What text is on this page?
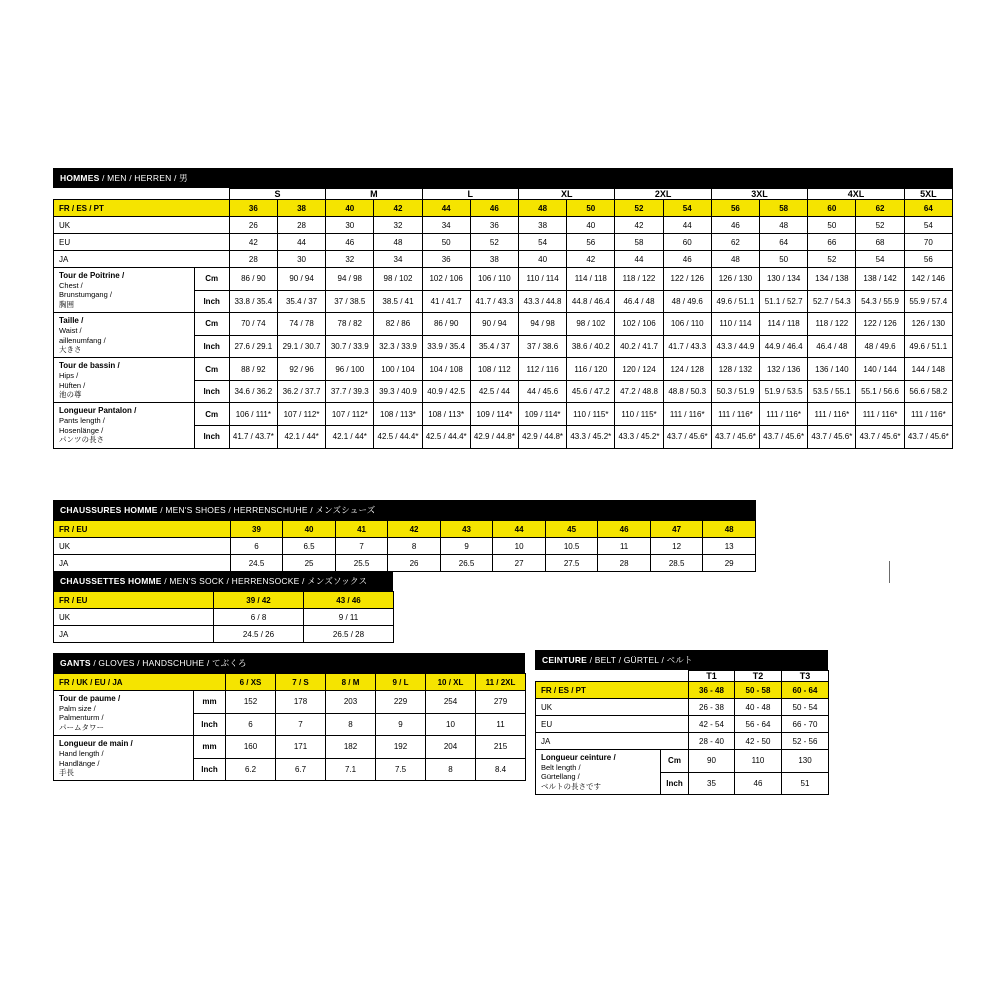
HOMMES / MEN / HERREN / 男
		S		M		L		XL		2XL		3XL		4XL		5XL
FR / ES / PT		36	38	40	42	44	46	48	50	52	54	56	58	60	62	64
UK		26	28	30	32	34	36	38	40	42	44	46	48	50	52	54
EU		42	44	46	48	50	52	54	56	58	60	62	64	66	68	70
JA		28	30	32	34	36	38	40	42	44	46	48	50	52	54	56
Tour de Poitrine /
Chest /
Brunstumgang /
胸囲	Cm	86 / 90	90 / 94	94 / 98	98 / 102	102 / 106	106 / 110	110 / 114	114 / 118	118 / 122	122 / 126	126 / 130	130 / 134	134 / 138	138 / 142	142 / 146
	Inch	33.8 / 35.4	35.4 / 37	37 / 38.5	38.5 / 41	41 / 41.7	41.7 / 43.3	43.3 / 44.8	44.8 / 46.4	46.4 / 48	48 / 49.6	49.6 / 51.1	51.1 / 52.7	52.7 / 54.3	54.3 / 55.9	55.9 / 57.4
Taille /
Waist /
aillenumfang /
大きさ	Cm	70 / 74	74 / 78	78 / 82	82 / 86	86 / 90	90 / 94	94 / 98	98 / 102	102 / 106	106 / 110	110 / 114	114 / 118	118 / 122	122 / 126	126 / 130
	Inch	27.6 / 29.1	29.1 / 30.7	30.7 / 33.9	32.3 / 33.9	33.9 / 35.4	35.4 / 37	37 / 38.6	38.6 / 40.2	40.2 / 41.7	41.7 / 43.3	43.3 / 44.9	44.9 / 46.4	46.4 / 48	48 / 49.6	49.6 / 51.1
Tour de bassin /
Hips /
Hüften /
池の尊	Cm	88 / 92	92 / 96	96 / 100	100 / 104	104 / 108	108 / 112	112 / 116	116 / 120	120 / 124	124 / 128	128 / 132	132 / 136	136 / 140	140 / 144	144 / 148
	Inch	34.6 / 36.2	36.2 / 37.7	37.7 / 39.3	39.3 / 40.9	40.9 / 42.5	42.5 / 44	44 / 45.6	45.6 / 47.2	47.2 / 48.8	48.8 / 50.3	50.3 / 51.9	51.9 / 53.5	53.5 / 55.1	55.1 / 56.6	56.6 / 58.2
Longueur Pantalon /
Pants length /
Hosenlänge /
パンツの長さ	Cm	106 / 111*	107 / 112*	107 / 112*	108 / 113*	108 / 113*	109 / 114*	109 / 114*	110 / 115*	110 / 115*	111 / 116*	111 / 116*	111 / 116*	111 / 116*	111 / 116*	111 / 116*
	Inch	41.7 / 43.7*	42.1 / 44*	42.1 / 44*	42.5 / 44.4*	42.5 / 44.4*	42.9 / 44.8*	42.9 / 44.8*	43.3 / 45.2*	43.3 / 45.2*	43.7 / 45.6*	43.7 / 45.6*	43.7 / 45.6*	43.7 / 45.6*	43.7 / 45.6*	43.7 / 45.6*
CHAUSSURES HOMME / MEN'S SHOES / HERRENSCHUHE / メンズシューズ
FR / EU	39	40	41	42	43	44	45	46	47	48
UK	6	6.5	7	8	9	10	10.5	11	12	13
JA	24.5	25	25.5	26	26.5	27	27.5	28	28.5	29
CHAUSSETTES HOMME / MEN'S SOCK / HERRENSOCKE / メンズソックス
FR / EU	39 / 42	43 / 46
UK	6 / 8	9 / 11
JA	24.5 / 26	26.5 / 28
GANTS / GLOVES / HANDSCHUHE / てぶくろ
FR / UK / EU / JA		6 / XS	7 / S	8 / M	9 / L	10 / XL	11 / 2XL
Tour de paume /
Palm size /
Palmenturm /
パームタワー	mm	152	178	203	229	254	279
	Inch	6	7	8	9	10	11
Longueur de main /
Hand length /
Handlänge /
手長	mm	160	171	182	192	204	215
	Inch	6.2	6.7	7.1	7.5	8	8.4
CEINTURE / BELT / GÜRTEL / ベルト
		T1	T2	T3
FR / ES / PT		36 - 48	50 - 58	60 - 64
UK		26 - 38	40 - 48	50 - 54
EU		42 - 54	56 - 64	66 - 70
JA		28 - 40	42 - 50	52 - 56
Longueur ceinture /
Belt length /
Gürtellang /
ベルトの長さです	Cm	90	110	130
	Inch	35	46	51
